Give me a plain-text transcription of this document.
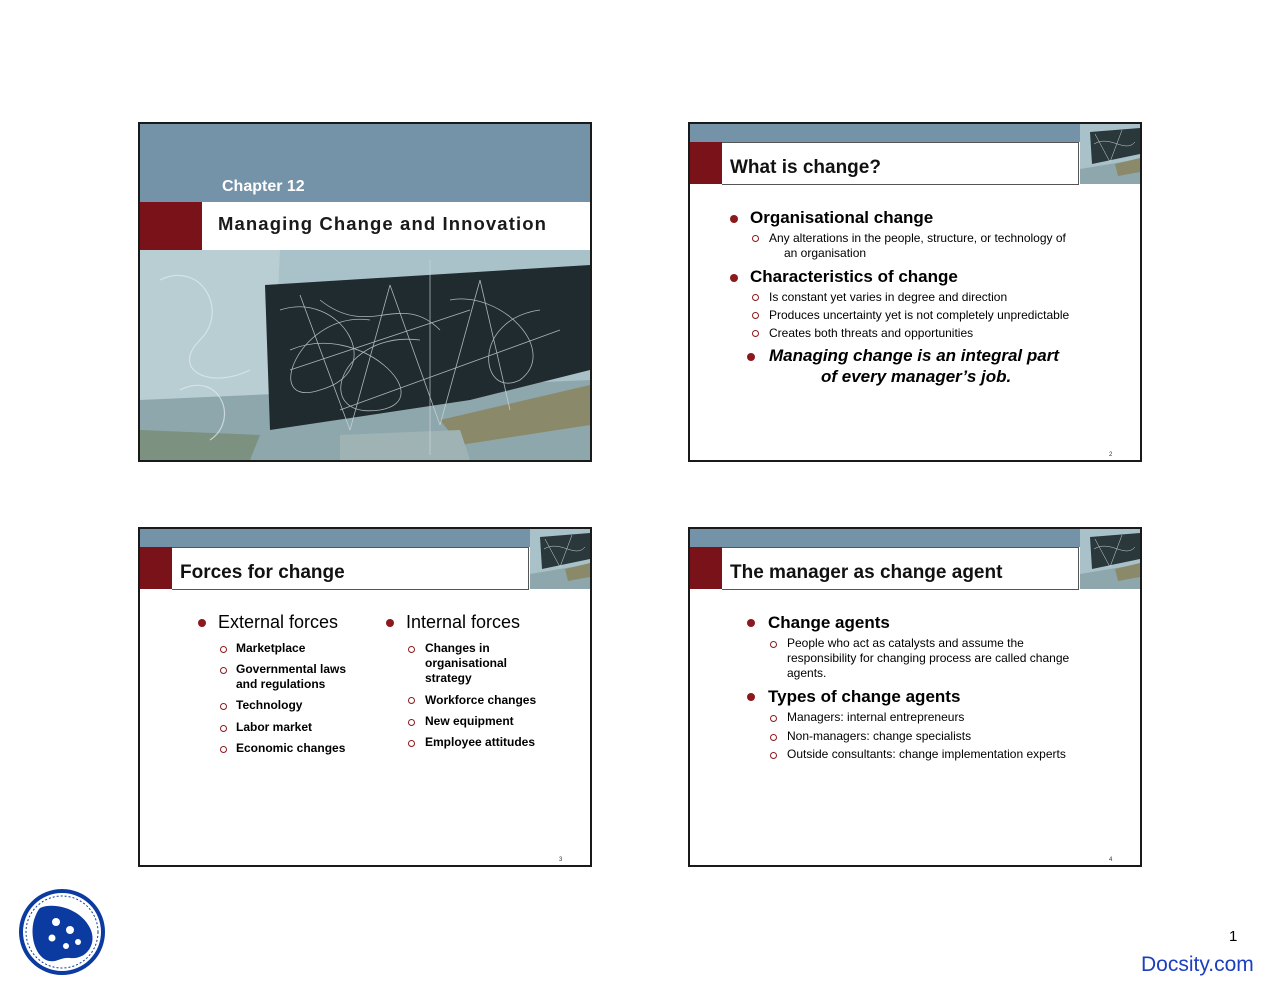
Chapter 12
Managing Change and Innovation
What is change?
Organisational change
Any alterations in the people, structure, or technology of
an organisation
Characteristics of change
Is constant yet varies in degree and direction
Produces uncertainty yet is not completely unpredictable
Creates both threats and opportunities
Managing change is an integral part
of every manager’s job.
2
Forces for change
External forces
Marketplace
Governmental laws
and regulations
Technology
Labor market
Economic changes
Internal forces
Changes in
organisational
strategy
Workforce changes
New equipment
Employee attitudes
3
The manager as change agent
Change agents
People who act as catalysts and assume the
responsibility for changing process are called change
agents.
Types of change agents
Managers: internal entrepreneurs
Non-managers: change specialists
Outside consultants: change implementation experts
4
1
Docsity.com
